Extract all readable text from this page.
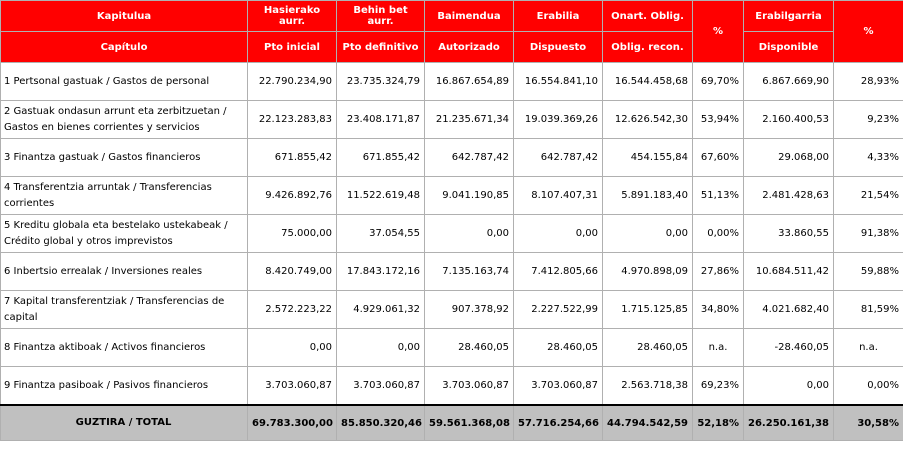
Kapitulua	Hasierako aurr.	Behin bet aurr.	Baimendua	Erabilia	Onart. Oblig.	%	Erabilgarria	%
Capítulo	Pto inicial	Pto definitivo	Autorizado	Dispuesto	Oblig. recon.		Disponible	
1 Pertsonal gastuak / Gastos de personal	22.790.234,90	23.735.324,79	16.867.654,89	16.554.841,10	16.544.458,68	69,70%	6.867.669,90	28,93%
2 Gastuak ondasun arrunt eta zerbitzuetan / Gastos en bienes corrientes y servicios	22.123.283,83	23.408.171,87	21.235.671,34	19.039.369,26	12.626.542,30	53,94%	2.160.400,53	9,23%
3 Finantza gastuak / Gastos financieros	671.855,42	671.855,42	642.787,42	642.787,42	454.155,84	67,60%	29.068,00	4,33%
4 Transferentzia arruntak / Transferencias corrientes	9.426.892,76	11.522.619,48	9.041.190,85	8.107.407,31	5.891.183,40	51,13%	2.481.428,63	21,54%
5 Kreditu globala eta bestelako ustekabeak / Crédito global y otros imprevistos	75.000,00	37.054,55	0,00	0,00	0,00	0,00%	33.860,55	91,38%
6 Inbertsio errealak / Inversiones reales	8.420.749,00	17.843.172,16	7.135.163,74	7.412.805,66	4.970.898,09	27,86%	10.684.511,42	59,88%
7 Kapital transferentziak / Transferencias de capital	2.572.223,22	4.929.061,32	907.378,92	2.227.522,99	1.715.125,85	34,80%	4.021.682,40	81,59%
8 Finantza aktiboak / Activos financieros	0,00	0,00	28.460,05	28.460,05	28.460,05	n.a.	-28.460,05	n.a.
9 Finantza pasiboak / Pasivos financieros	3.703.060,87	3.703.060,87	3.703.060,87	3.703.060,87	2.563.718,38	69,23%	0,00	0,00%
GUZTIRA / TOTAL	69.783.300,00	85.850.320,46	59.561.368,08	57.716.254,66	44.794.542,59	52,18%	26.250.161,38	30,58%
